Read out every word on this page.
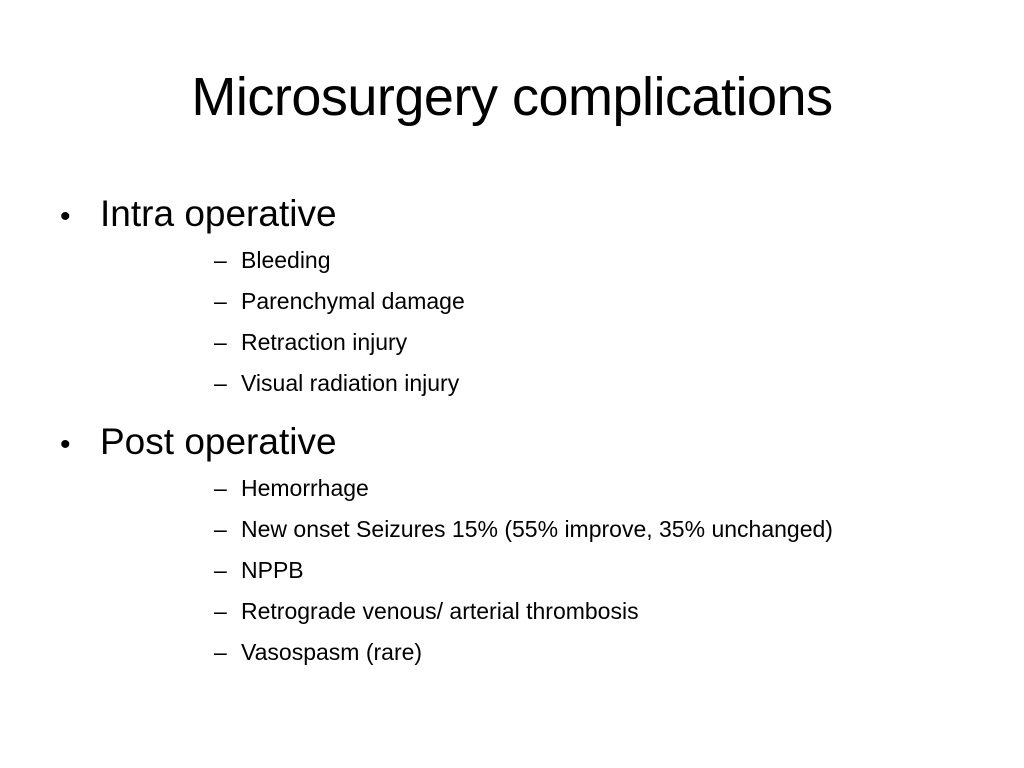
Microsurgery complications
• Intra operative
– Bleeding
– Parenchymal damage
– Retraction injury
– Visual radiation injury
• Post operative
– Hemorrhage
– New onset Seizures 15% (55% improve, 35% unchanged)
– NPPB
– Retrograde venous/ arterial thrombosis
– Vasospasm (rare)
